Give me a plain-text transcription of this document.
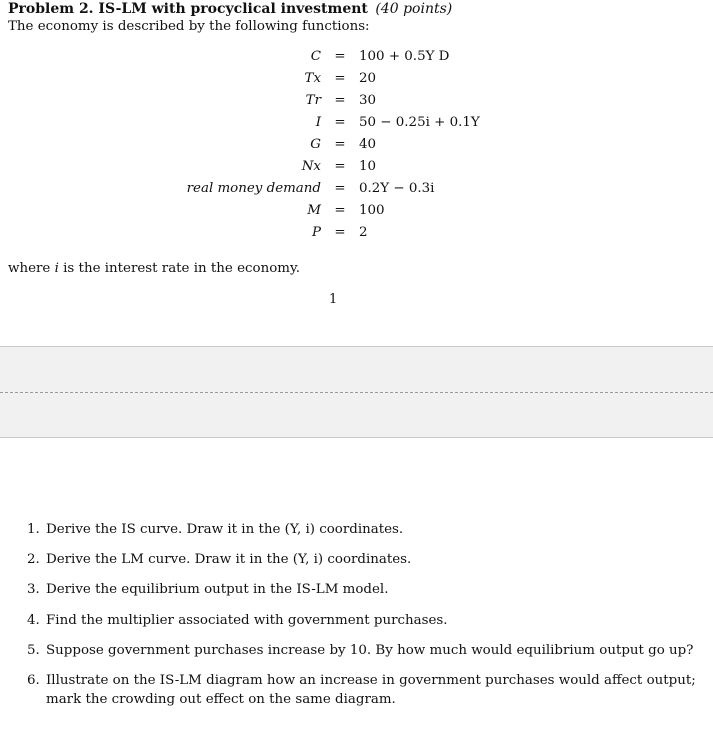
Problem 2. IS-LM with procyclical investment (40 points)
The economy is described by the following functions:
C = 100 + 0.5Y D
Tx = 20
Tr = 30
I = 50 − 0.25i + 0.1Y
G = 40
Nx = 10
real money demand = 0.2Y − 0.3i
M = 100
P = 2
where i is the interest rate in the economy.
1
1. Derive the IS curve. Draw it in the (Y, i) coordinates.
2. Derive the LM curve. Draw it in the (Y, i) coordinates.
3. Derive the equilibrium output in the IS-LM model.
4. Find the multiplier associated with government purchases.
5. Suppose government purchases increase by 10. By how much would equilibrium output go up?
6. Illustrate on the IS-LM diagram how an increase in government purchases would affect output; mark the crowding out effect on the same diagram.
